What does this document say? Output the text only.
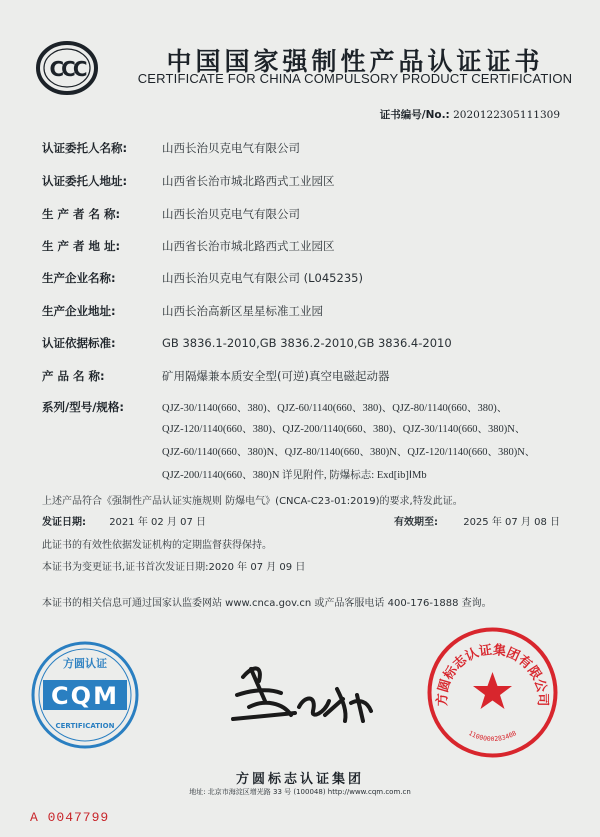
CCC	中国国家强制性产品认证证书
CERTIFICATE FOR CHINA COMPULSORY PRODUCT CERTIFICATION
证书编号/No.: 2020122305111309
认证委托人名称:	山西长治贝克电气有限公司
认证委托人地址:	山西省长治市城北路西式工业园区
生 产 者 名 称:	山西长治贝克电气有限公司
生 产 者 地 址:	山西省长治市城北路西式工业园区
生产企业名称:	山西长治贝克电气有限公司 (L045235)
生产企业地址:	山西长治高新区星星标准工业园
认证依据标准:	GB 3836.1-2010,GB 3836.2-2010,GB 3836.4-2010
产 品 名 称:	矿用隔爆兼本质安全型(可逆)真空电磁起动器
系列/型号/规格:	QJZ-30/1140(660、380)、QJZ-60/1140(660、380)、QJZ-80/1140(660、380)、
QJZ-120/1140(660、380)、QJZ-200/1140(660、380)、QJZ-30/1140(660、380)N、
QJZ-60/1140(660、380)N、QJZ-80/1140(660、380)N、QJZ-120/1140(660、380)N、
QJZ-200/1140(660、380)N 详见附件, 防爆标志: Exd[ib]ⅠMb
上述产品符合《强制性产品认证实施规则 防爆电气》(CNCA-C23-01:2019)的要求,特发此证。
发证日期: 2021 年 02 月 07 日	有效期至:	2025 年 07 月 08 日
此证书的有效性依据发证机构的定期监督获得保持。
本证书为变更证书,证书首次发证日期:2020 年 07 月 09 日
本证书的相关信息可通过国家认监委网站 www.cnca.gov.cn 或产品客服电话 400-176-1888 查询。
方圆认证
CQM
CERTIFICATION
方圆标志认证集团有限公司
1100000283408
方圆标志认证集团
地址: 北京市海淀区增光路 33 号 (100048) http://www.cqm.com.cn
A 0047799
